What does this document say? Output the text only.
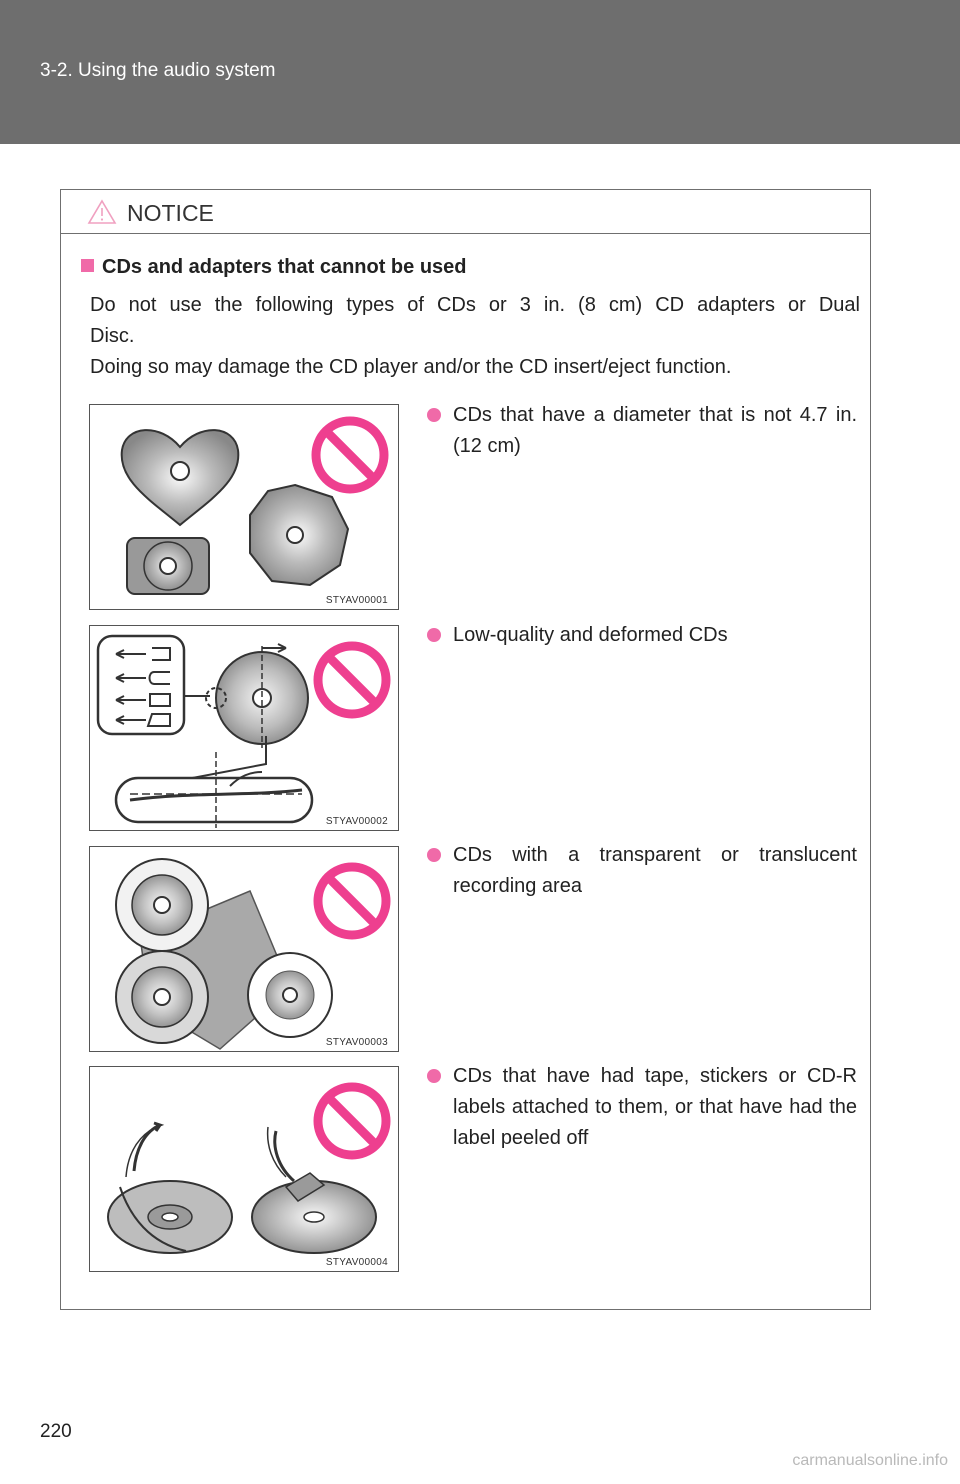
3-2. Using the audio system
NOTICE
CDs and adapters that cannot be used

Do not use the following types of CDs or 3 in. (8 cm) CD adapters or Dual

Disc.

Doing so may damage the CD player and/or the CD insert/eject function.

STYAV00001
CDs that have a diameter that is not 4.7 in. (12 cm)
STYAV00002
Low-quality and deformed CDs
STYAV00003
CDs with a transparent or translucent recording area
STYAV00004
CDs that have had tape, stickers or CD-R labels attached to them, or that have had the label peeled off
220
carmanualsonline.info
